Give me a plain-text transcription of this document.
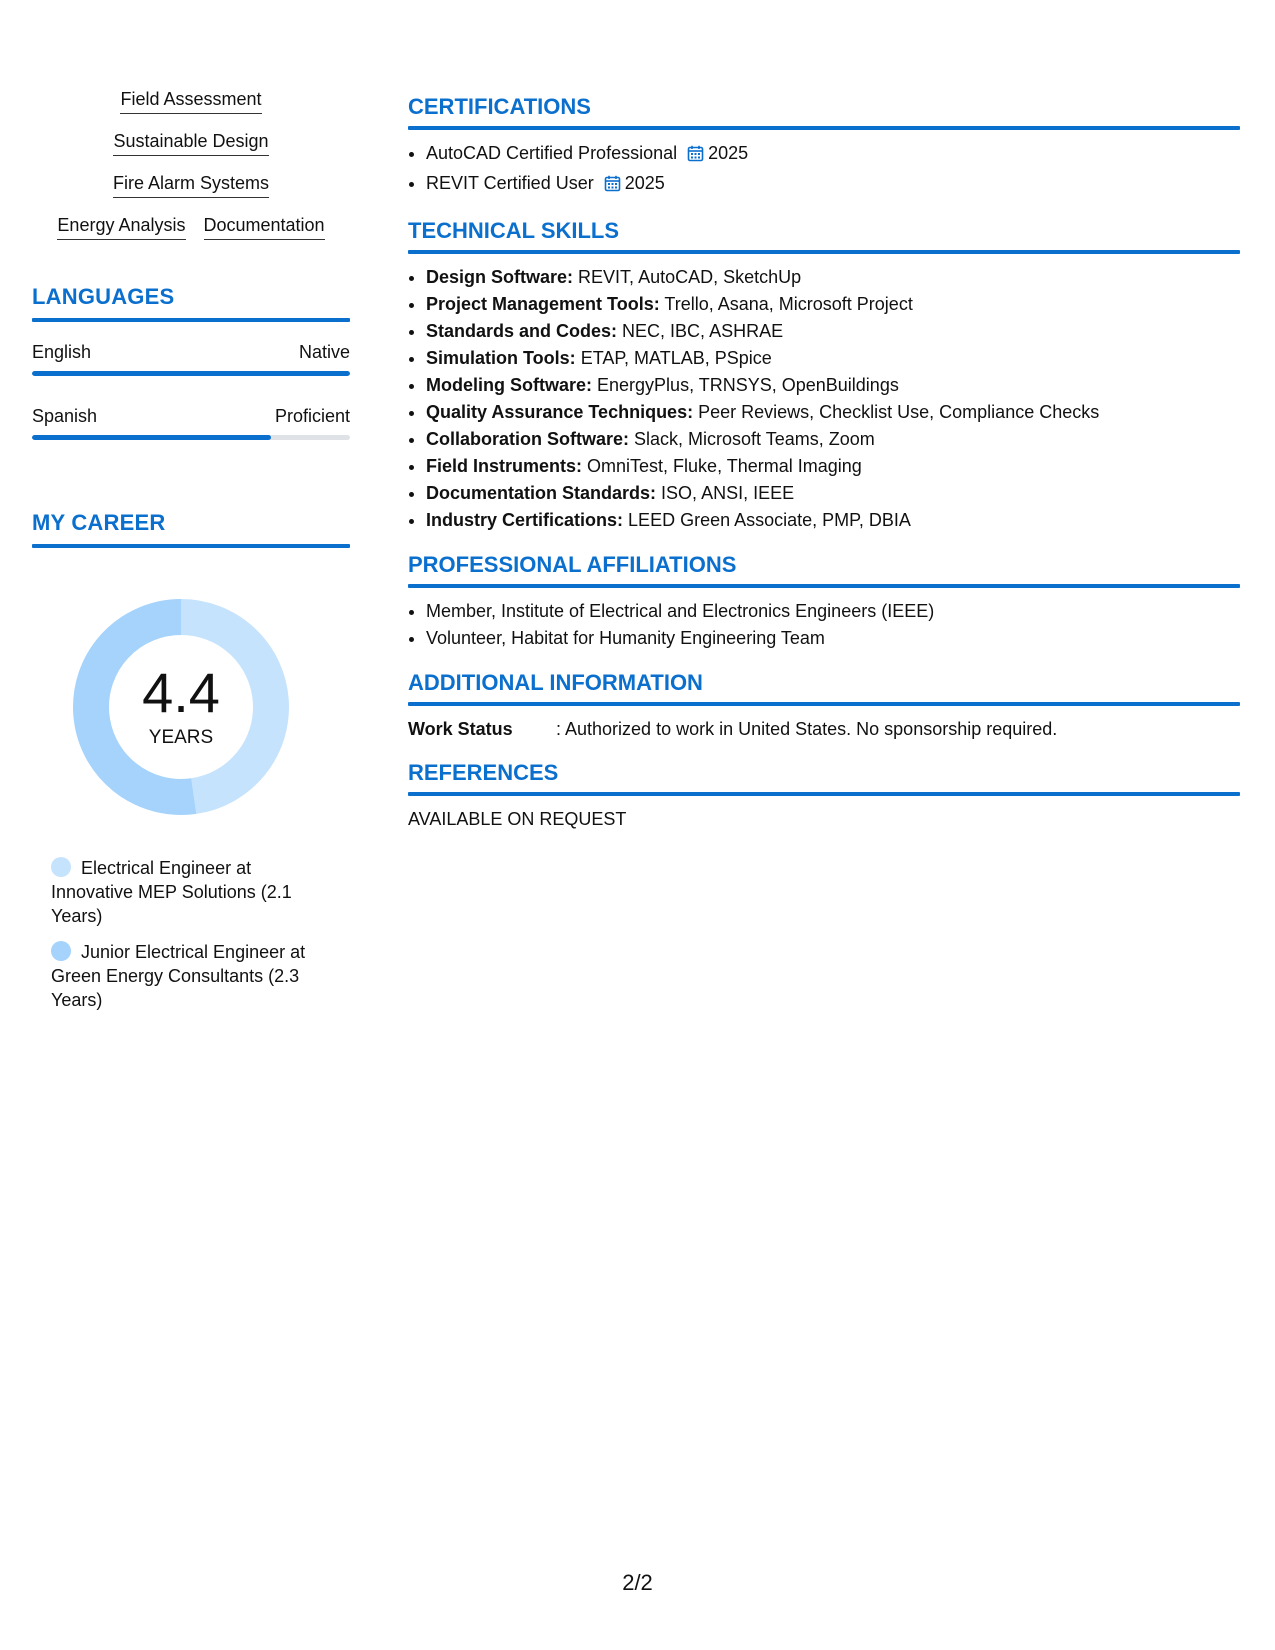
Field Assessment
Sustainable Design
Fire Alarm Systems
Energy Analysis Documentation
LANGUAGES
English	Native
Spanish	Proficient
MY CAREER
4.4
YEARS
Electrical Engineer at Innovative MEP Solutions (2.1 Years)
Junior Electrical Engineer at Green Energy Consultants (2.3 Years)
CERTIFICATIONS
• AutoCAD Certified Professional 2025
• REVIT Certified User 2025
TECHNICAL SKILLS
• Design Software: REVIT, AutoCAD, SketchUp
• Project Management Tools: Trello, Asana, Microsoft Project
• Standards and Codes: NEC, IBC, ASHRAE
• Simulation Tools: ETAP, MATLAB, PSpice
• Modeling Software: EnergyPlus, TRNSYS, OpenBuildings
• Quality Assurance Techniques: Peer Reviews, Checklist Use, Compliance Checks
• Collaboration Software: Slack, Microsoft Teams, Zoom
• Field Instruments: OmniTest, Fluke, Thermal Imaging
• Documentation Standards: ISO, ANSI, IEEE
• Industry Certifications: LEED Green Associate, PMP, DBIA
PROFESSIONAL AFFILIATIONS
• Member, Institute of Electrical and Electronics Engineers (IEEE)
• Volunteer, Habitat for Humanity Engineering Team
ADDITIONAL INFORMATION
Work Status	: Authorized to work in United States. No sponsorship required.
REFERENCES
AVAILABLE ON REQUEST
2/2
